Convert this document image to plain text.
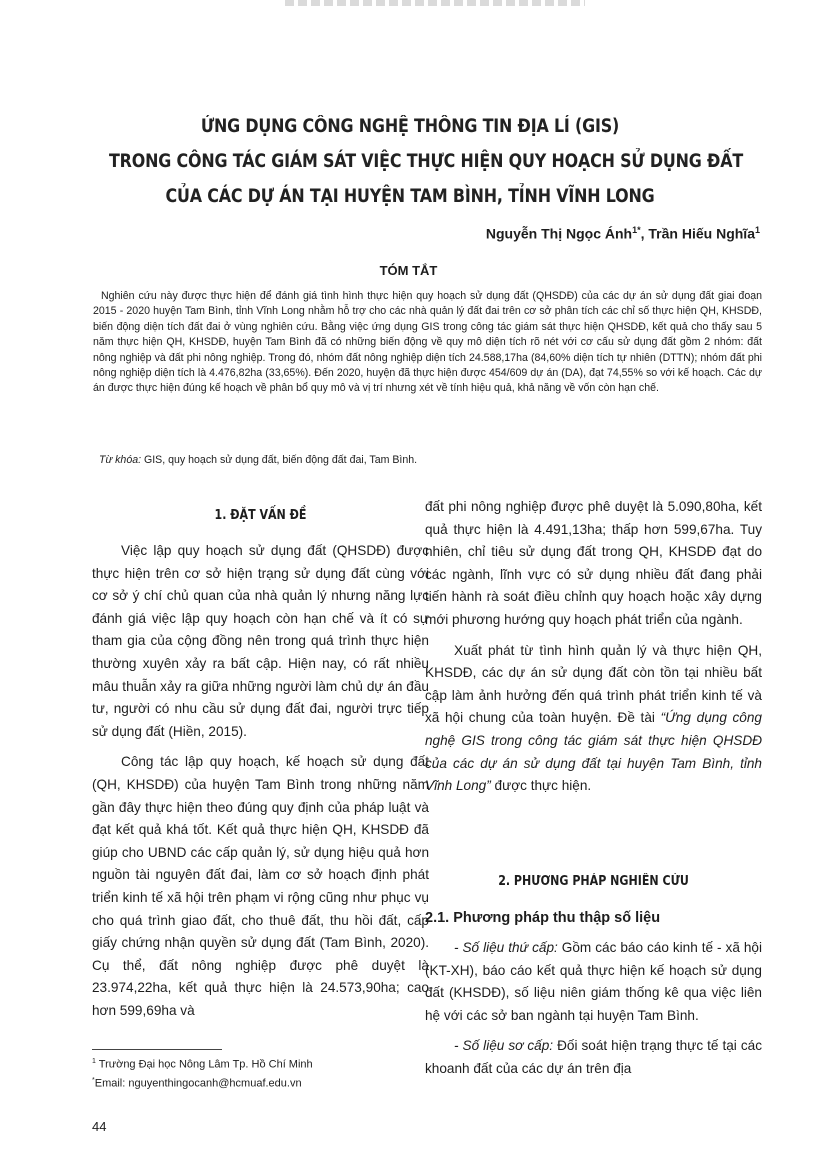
ỨNG DỤNG CÔNG NGHỆ THÔNG TIN ĐỊA LÍ (GIS)
TRONG CÔNG TÁC GIÁM SÁT VIỆC THỰC HIỆN QUY HOẠCH SỬ DỤNG ĐẤT
CỦA CÁC DỰ ÁN TẠI HUYỆN TAM BÌNH, TỈNH VĨNH LONG
Nguyễn Thị Ngọc Ánh$^{1*}$, Trần Hiếu Nghĩa$^1$
TÓM TẮT
Nghiên cứu này được thực hiện để đánh giá tình hình thực hiện quy hoạch sử dụng đất (QHSDĐ) của các dự án sử dụng đất giai đoạn 2015 - 2020 huyện Tam Bình, tỉnh Vĩnh Long nhằm hỗ trợ cho các nhà quản lý đất đai trên cơ sở phân tích các chỉ số thực hiện QH, KHSDĐ, biến động diện tích đất đai ở vùng nghiên cứu. Bằng việc ứng dụng GIS trong công tác giám sát thực hiện QHSDĐ, kết quả cho thấy sau 5 năm thực hiện QH, KHSDĐ, huyện Tam Bình đã có những biến động về quy mô diện tích rõ nét với cơ cấu sử dụng đất gồm 2 nhóm: đất nông nghiệp và đất phi nông nghiệp. Trong đó, nhóm đất nông nghiệp diện tích 24.588,17ha (84,60% diện tích tự nhiên (DTTN); nhóm đất phi nông nghiệp diện tích là 4.476,82ha (33,65%). Đến 2020, huyện đã thực hiện được 454/609 dự án (DA), đạt 74,55% so với kế hoạch. Các dự án được thực hiện đúng kế hoạch về phân bổ quy mô và vị trí nhưng xét về tính hiệu quả, khả năng về vốn còn hạn chế.
Từ khóa: GIS, quy hoạch sử dụng đất, biến động đất đai, Tam Bình.
1. ĐẶT VẤN ĐỀ

Việc lập quy hoạch sử dụng đất (QHSDĐ) được thực hiện trên cơ sở hiện trạng sử dụng đất cùng với cơ sở ý chí chủ quan của nhà quản lý nhưng năng lực đánh giá việc lập quy hoạch còn hạn chế và ít có sự tham gia của cộng đồng nên trong quá trình thực hiện thường xuyên xảy ra bất cập. Hiện nay, có rất nhiều mâu thuẫn xảy ra giữa những người làm chủ dự án đầu tư, người có nhu cầu sử dụng đất đai, người trực tiếp sử dụng đất (Hiền, 2015).

Công tác lập quy hoạch, kế hoạch sử dụng đất (QH, KHSDĐ) của huyện Tam Bình trong những năm gần đây thực hiện theo đúng quy định của pháp luật và đạt kết quả khá tốt. Kết quả thực hiện QH, KHSDĐ đã giúp cho UBND các cấp quản lý, sử dụng hiệu quả hơn nguồn tài nguyên đất đai, làm cơ sở hoạch định phát triển kinh tế xã hội trên phạm vi rộng cũng như phục vụ cho quá trình giao đất, cho thuê đất, thu hồi đất, cấp giấy chứng nhận quyền sử dụng đất (Tam Bình, 2020). Cụ thể, đất nông nghiệp được phê duyệt là 23.974,22ha, kết quả thực hiện là 24.573,90ha; cao hơn 599,69ha và

đất phi nông nghiệp được phê duyệt là 5.090,80ha, kết quả thực hiện là 4.491,13ha; thấp hơn 599,67ha. Tuy nhiên, chỉ tiêu sử dụng đất trong QH, KHSDĐ đạt do các ngành, lĩnh vực có sử dụng nhiều đất đang phải tiến hành rà soát điều chỉnh quy hoạch hoặc xây dựng mới phương hướng quy hoạch phát triển của ngành.

Xuất phát từ tình hình quản lý và thực hiện QH, KHSDĐ, các dự án sử dụng đất còn tồn tại nhiều bất cập làm ảnh hưởng đến quá trình phát triển kinh tế và xã hội chung của toàn huyện. Đề tài “Ứng dụng công nghệ GIS trong công tác giám sát thực hiện QHSDĐ của các dự án sử dụng đất tại huyện Tam Bình, tỉnh Vĩnh Long” được thực hiện.

2. PHƯƠNG PHÁP NGHIÊN CỨU
2.1. Phương pháp thu thập số liệu

- Số liệu thứ cấp: Gồm các báo cáo kinh tế - xã hội (KT-XH), báo cáo kết quả thực hiện kế hoạch sử dụng đất (KHSDĐ), số liệu niên giám thống kê qua việc liên hệ với các sở ban ngành tại huyện Tam Bình.

- Số liệu sơ cấp: Đối soát hiện trạng thực tế tại các khoanh đất của các dự án trên địa

$^1$ Trường Đại học Nông Lâm Tp. Hồ Chí Minh
*Email: nguyenthingocanh@hcmuaf.edu.vn
44
